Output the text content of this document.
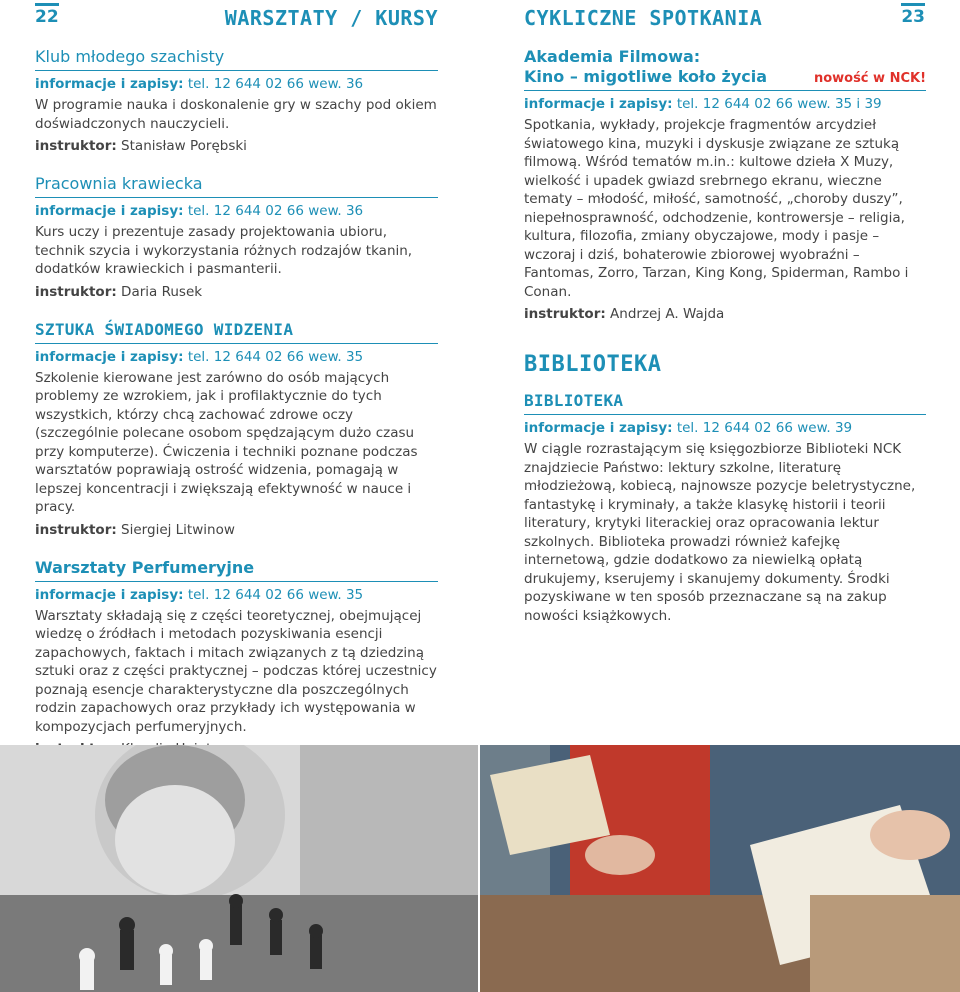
22	WARSZTATY / KURSY
Klub młodego szachisty
informacje i zapisy: tel. 12 644 02 66 wew. 36
W programie nauka i doskonalenie gry w szachy pod okiem doświadczonych nauczycieli.
instruktor: Stanisław Porębski
Pracownia krawiecka
informacje i zapisy: tel. 12 644 02 66 wew. 36
Kurs uczy i prezentuje zasady projektowania ubioru, technik szycia i wykorzystania różnych rodzajów tkanin, dodatków krawieckich i pasmanterii.
instruktor: Daria Rusek
SZTUKA ŚWIADOMEGO WIDZENIA
informacje i zapisy: tel. 12 644 02 66 wew. 35
Szkolenie kierowane jest zarówno do osób mających problemy ze wzrokiem, jak i profilaktycznie do tych wszystkich, którzy chcą zachować zdrowe oczy (szczególnie polecane osobom spędzającym dużo czasu przy komputerze). Ćwiczenia i techniki poznane podczas warsztatów poprawiają ostrość widzenia, pomagają w lepszej koncentracji i zwiększają efektywność w nauce i pracy.
instruktor: Siergiej Litwinow
Warsztaty Perfumeryjne
informacje i zapisy: tel. 12 644 02 66 wew. 35
Warsztaty składają się z części teoretycznej, obejmującej wiedzę o źródłach i metodach pozyskiwania esencji zapachowych, faktach i mitach związanych z tą dziedziną sztuki oraz z części praktycznej – podczas której uczestnicy poznają esencje charakterystyczne dla poszczególnych rodzin zapachowych oraz przykłady ich występowania w kompozycjach perfumeryjnych.
23
CYKLICZNE SPOTKANIA
Akademia Filmowa:
nowość w NCK!
Kino – migotliwe koło życia
informacje i zapisy: tel. 12 644 02 66 wew. 35 i 39
Spotkania, wykłady, projekcje fragmentów arcydzieł światowego kina, muzyki i dyskusje związane ze sztuką filmową. Wśród tematów m.in.: kultowe dzieła X Muzy, wielkość i upadek gwiazd srebrnego ekranu, wieczne tematy – młodość, miłość, samotność, „choroby duszy”, niepełnosprawność, odchodzenie, kontrowersje – religia, kultura, filozofia, zmiany obyczajowe, mody i pasje – wczoraj i dziś, bohaterowie zbiorowej wyobraźni – Fantomas, Zorro, Tarzan, King Kong, Spiderman, Rambo i Conan.
instruktor: Andrzej A. Wajda
BIBLIOTEKA
BIBLIOTEKA
informacje i zapisy: tel. 12 644 02 66 wew. 39
W ciągle rozrastającym się księgozbiorze Biblioteki NCK znajdziecie Państwo: lektury szkolne, literaturę młodzieżową, kobiecą, najnowsze pozycje beletrystyczne, fantastykę i kryminały, a także klasykę historii i teorii literatury, krytyki literackiej oraz opracowania lektur szkolnych. Biblioteka prowadzi również kafejkę internetową, gdzie dodatkowo za niewielką opłatą drukujemy, kserujemy i skanujemy dokumenty. Środki pozyskiwane w ten sposób przeznaczane są na zakup nowości książkowych.
